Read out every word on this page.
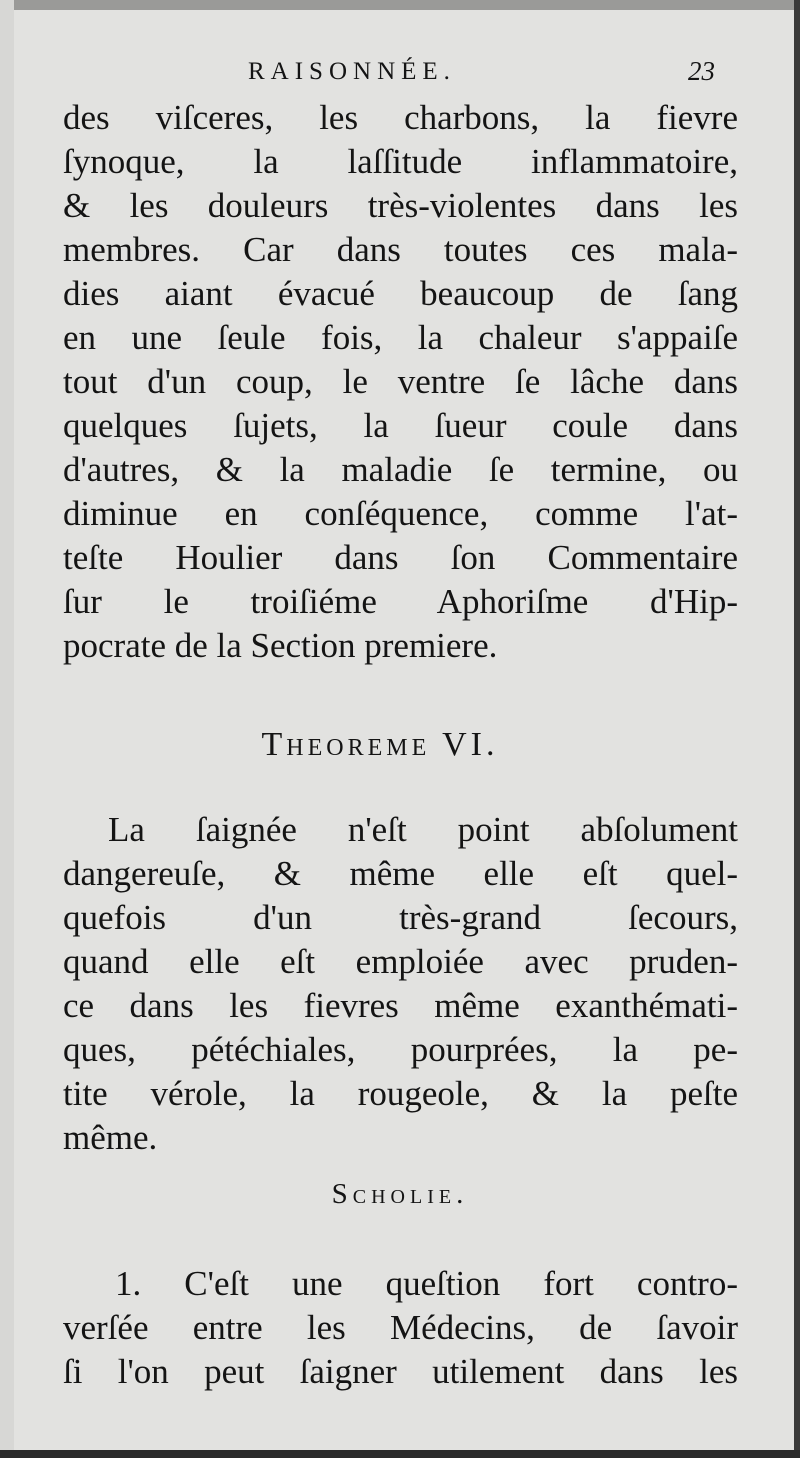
RAISONNÉE.	23
des viſceres, les charbons, la fievre
ſynoque, la laſſitude inflammatoire,
& les douleurs très-violentes dans les
membres. Car dans toutes ces mala-
dies aiant évacué beaucoup de ſang
en une ſeule fois, la chaleur s'appaiſe
tout d'un coup, le ventre ſe lâche dans
quelques ſujets, la ſueur coule dans
d'autres, & la maladie ſe termine, ou
diminue en conſéquence, comme l'at-
teſte Houlier dans ſon Commentaire
ſur le troiſiéme Aphoriſme d'Hip-
pocrate de la Section premiere.
Theoreme VI.
La ſaignée n'eſt point abſolument
dangereuſe, & même elle eſt quel-
quefois d'un très-grand ſecours,
quand elle eſt emploiée avec pruden-
ce dans les fievres même exanthémati-
ques, pétéchiales, pourprées, la pe-
tite vérole, la rougeole, & la peſte
même.
Scholie.
1. C'eſt une queſtion fort contro-
verſée entre les Médecins, de ſavoir
ſi l'on peut ſaigner utilement dans les
